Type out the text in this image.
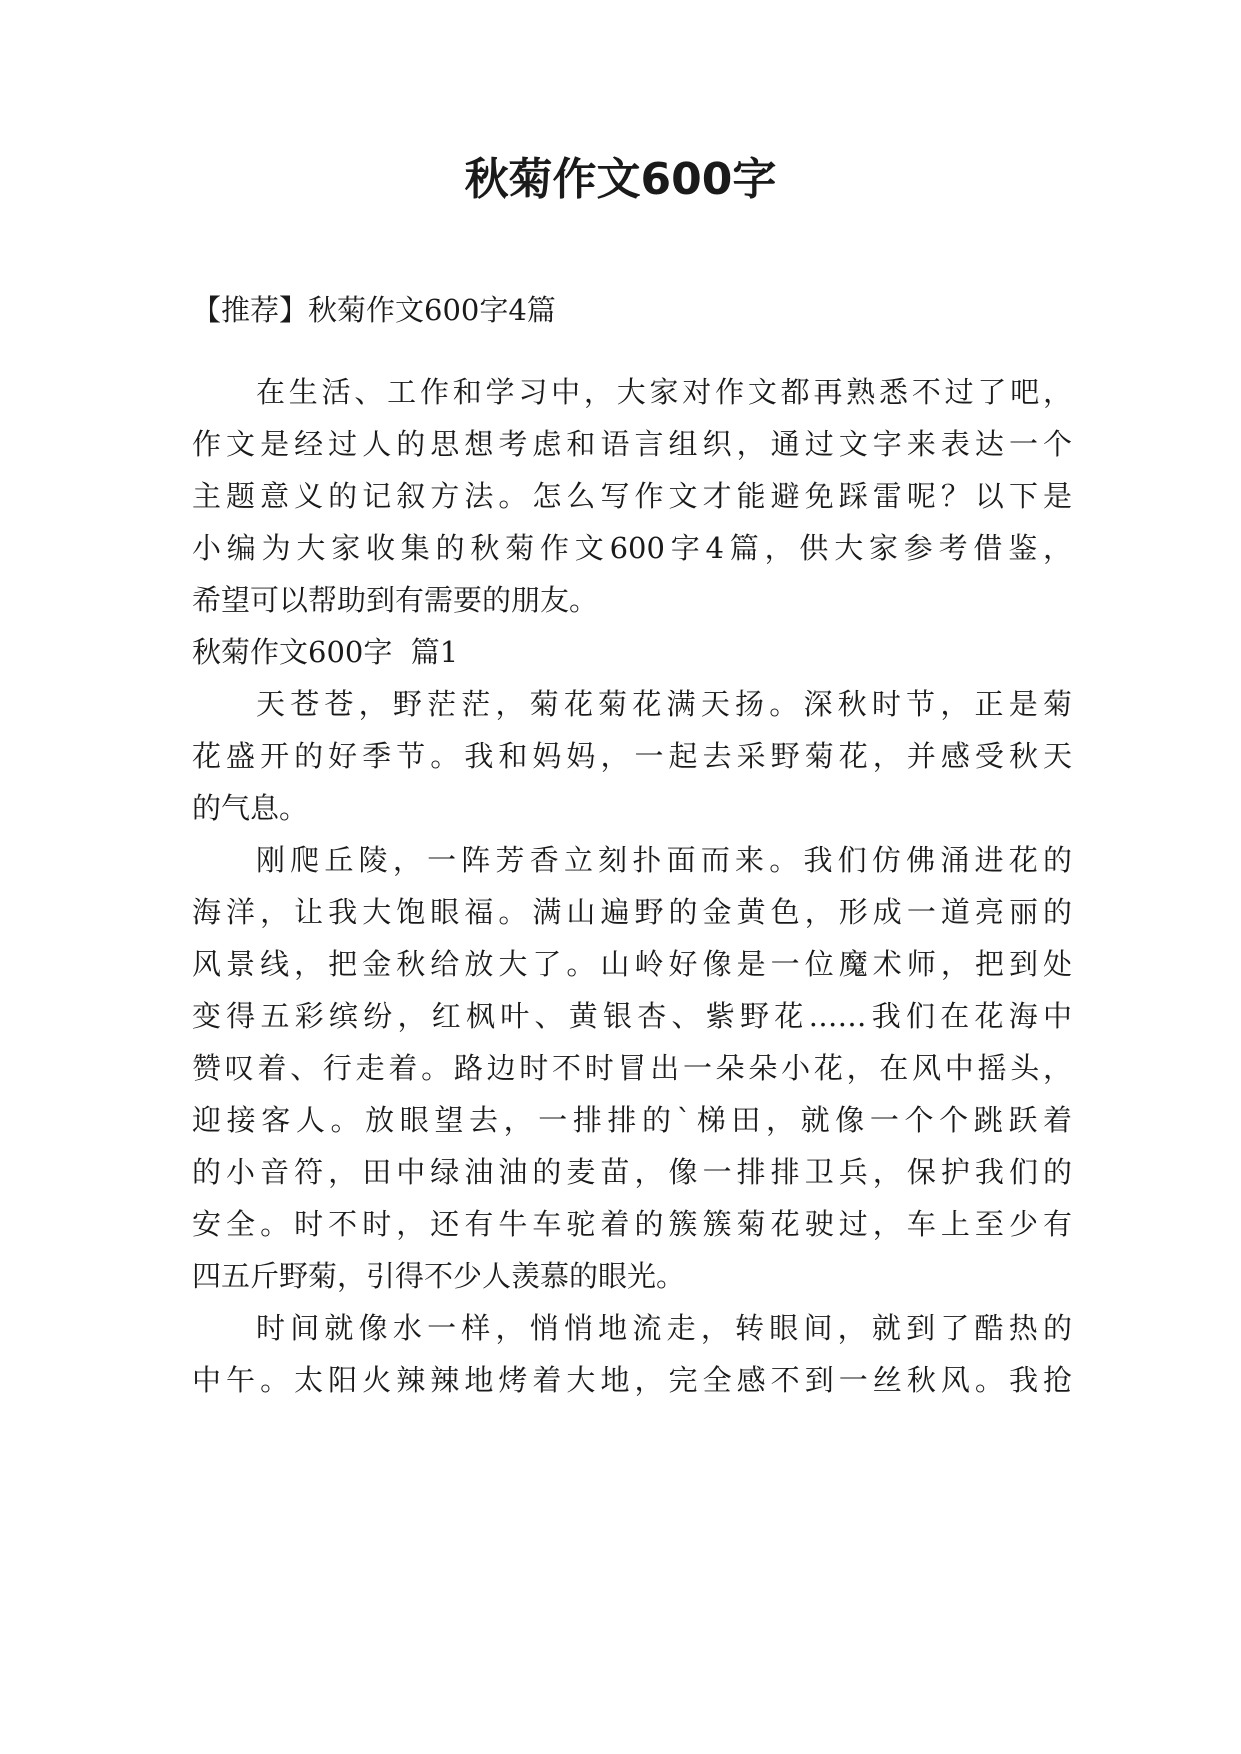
秋菊作文600字

【推荐】秋菊作文600字4篇

在生活、工作和学习中，大家对作文都再熟悉不过了吧，

作文是经过人的思想考虑和语言组织，通过文字来表达一个

主题意义的记叙方法。怎么写作文才能避免踩雷呢？以下是

小编为大家收集的秋菊作文600字4篇，供大家参考借鉴，

希望可以帮助到有需要的朋友。

秋菊作文600字  篇1

天苍苍，野茫茫，菊花菊花满天扬。深秋时节，正是菊

花盛开的好季节。我和妈妈，一起去采野菊花，并感受秋天

的气息。

刚爬丘陵，一阵芳香立刻扑面而来。我们仿佛涌进花的

海洋，让我大饱眼福。满山遍野的金黄色，形成一道亮丽的

风景线，把金秋给放大了。山岭好像是一位魔术师，把到处

变得五彩缤纷，红枫叶、黄银杏、紫野花……我们在花海中

赞叹着、行走着。路边时不时冒出一朵朵小花，在风中摇头，

迎接客人。放眼望去，一排排的`梯田，就像一个个跳跃着

的小音符，田中绿油油的麦苗，像一排排卫兵，保护我们的

安全。时不时，还有牛车驼着的簇簇菊花驶过，车上至少有

四五斤野菊，引得不少人羡慕的眼光。

时间就像水一样，悄悄地流走，转眼间，就到了酷热的

中午。太阳火辣辣地烤着大地，完全感不到一丝秋风。我抢
